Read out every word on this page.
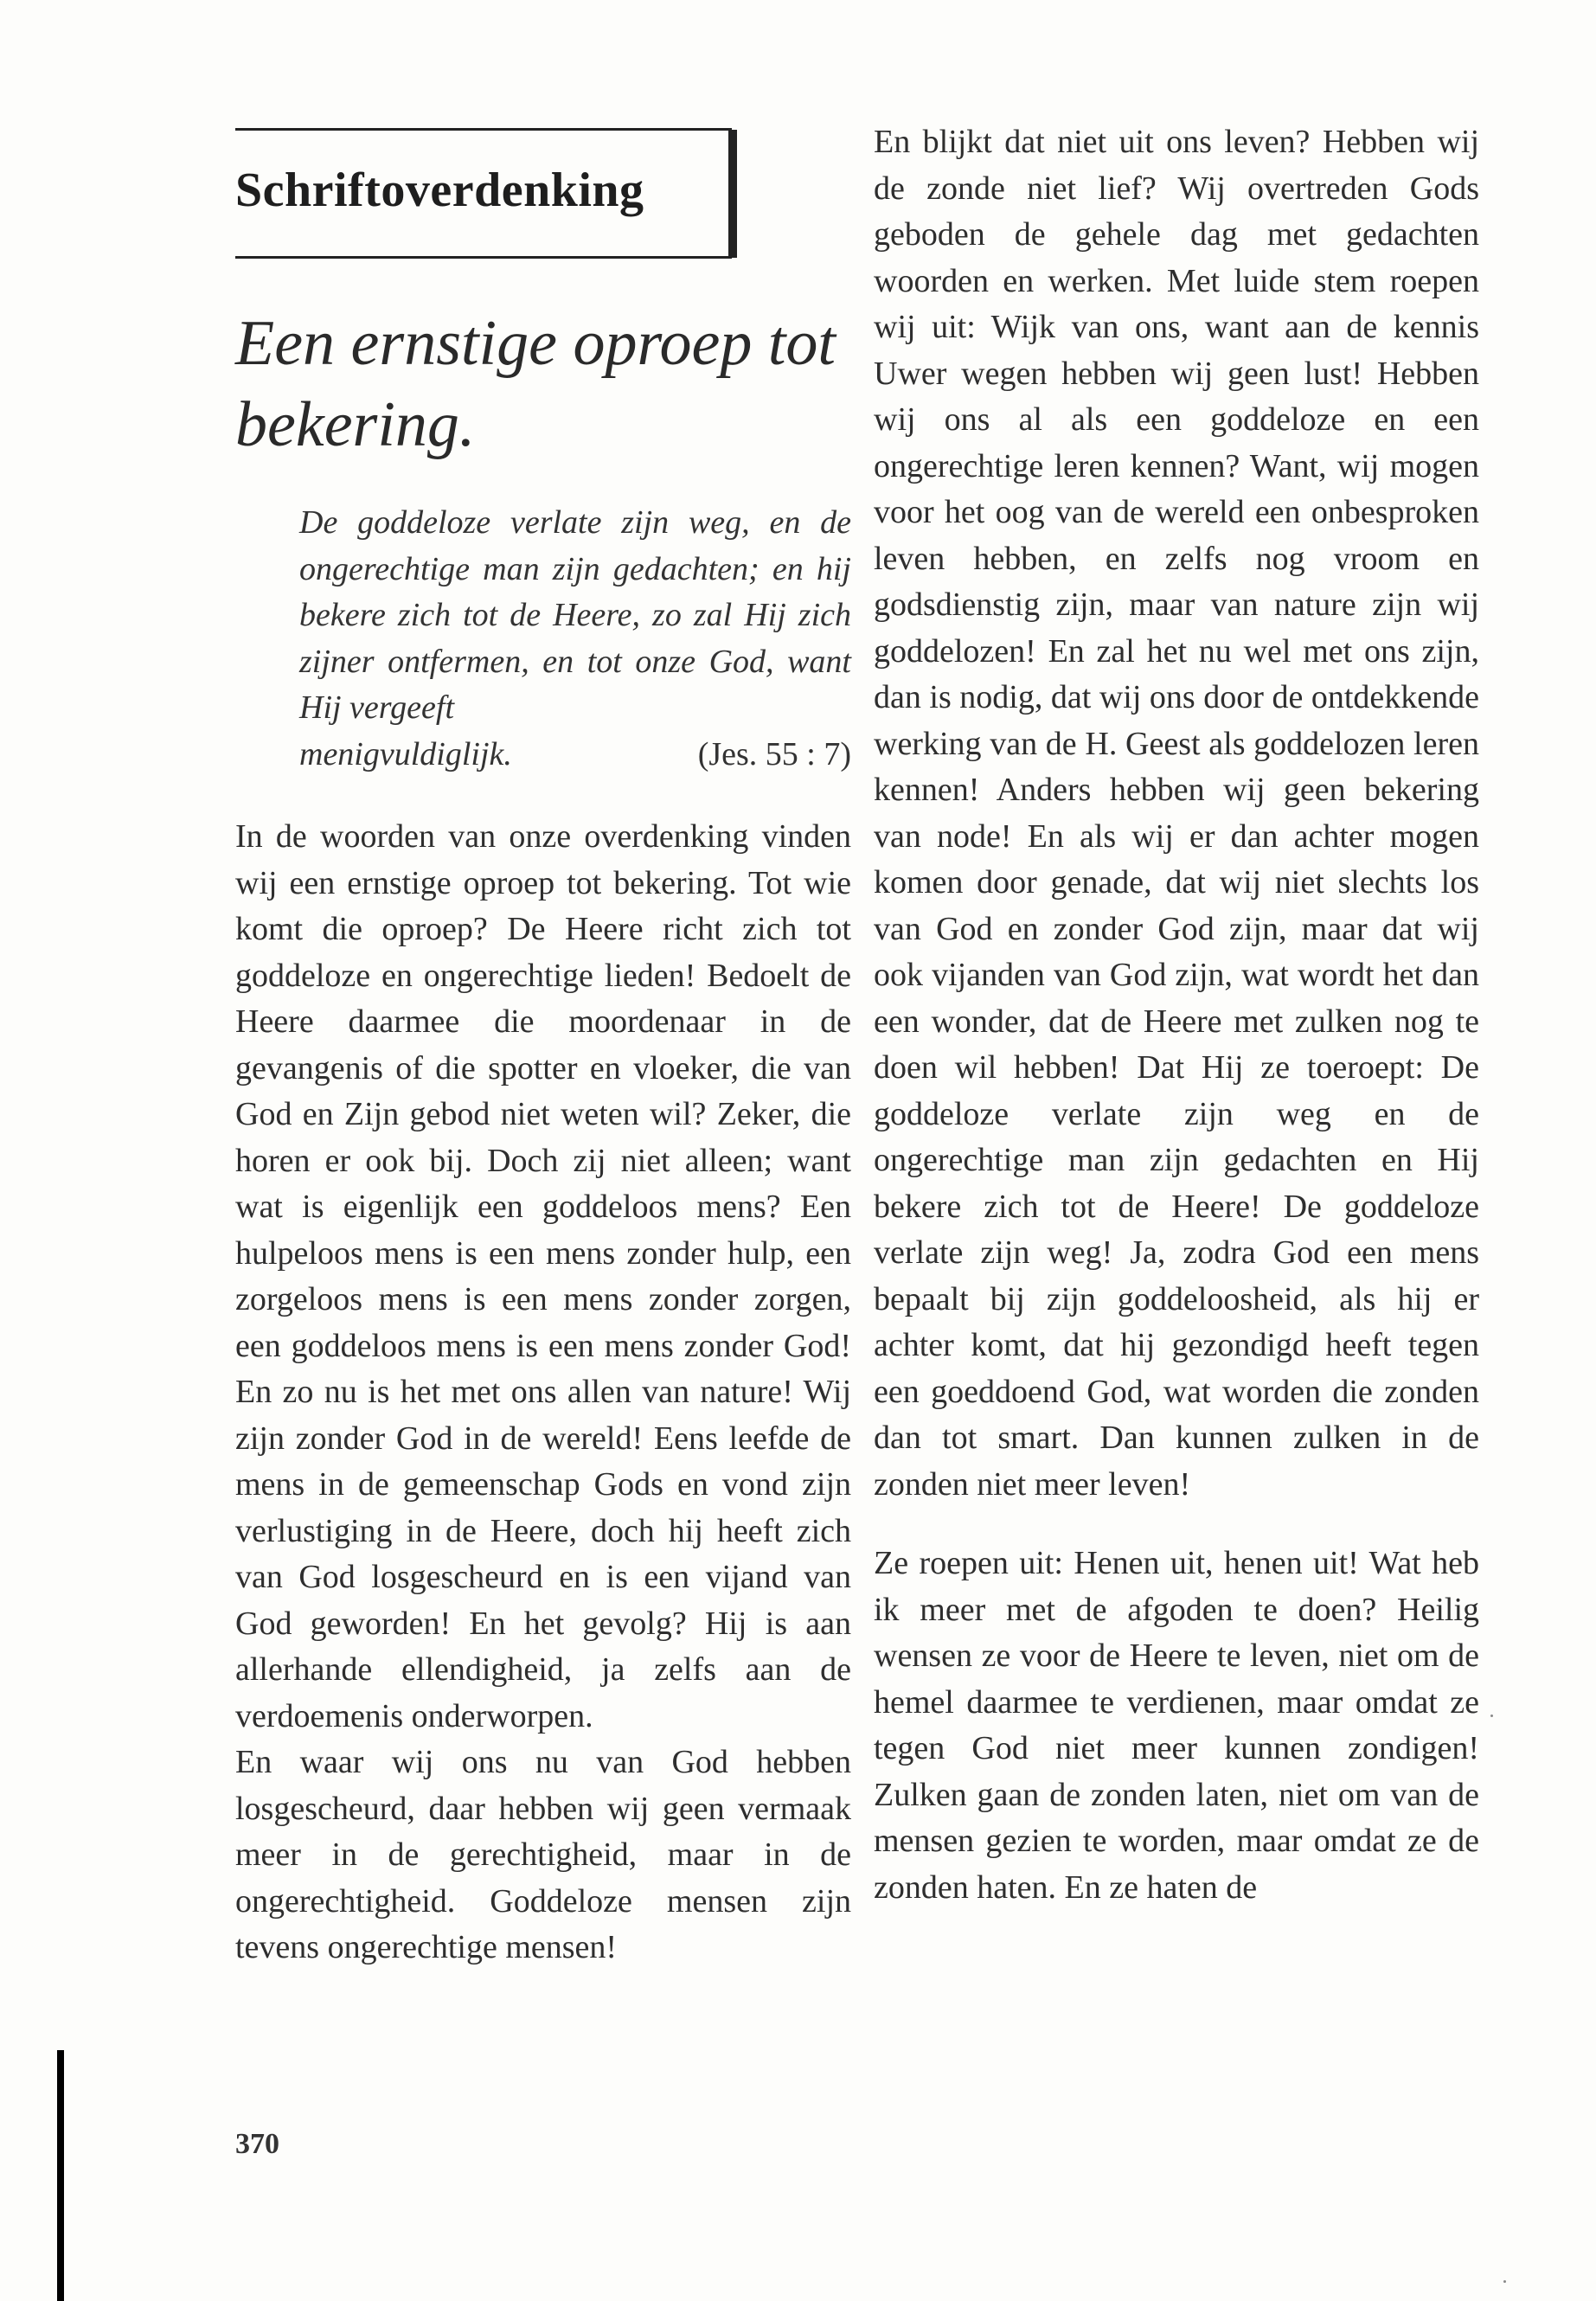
Schriftoverdenking
Een ernstige oproep tot bekering.

De goddeloze verlate zijn weg, en de ongerechtige man zijn gedachten; en hij bekere zich tot de Heere, zo zal Hij zich zijner ontfermen, en tot onze God, want Hij vergeeft

menigvuldiglijk.	(Jes. 55 : 7)

In de woorden van onze overdenking vinden wij een ernstige oproep tot bekering. Tot wie komt die oproep? De Heere richt zich tot goddeloze en ongerechtige lieden! Bedoelt de Heere daarmee die moordenaar in de gevangenis of die spotter en vloeker, die van God en Zijn gebod niet weten wil? Zeker, die horen er ook bij. Doch zij niet alleen; want wat is eigenlijk een goddeloos mens? Een hulpeloos mens is een mens zonder hulp, een zorgeloos mens is een mens zonder zorgen, een goddeloos mens is een mens zonder God! En zo nu is het met ons allen van nature! Wij zijn zonder God in de wereld! Eens leefde de mens in de gemeenschap Gods en vond zijn verlustiging in de Heere, doch hij heeft zich van God losgescheurd en is een vijand van God geworden! En het gevolg? Hij is aan allerhande ellendigheid, ja zelfs aan de verdoemenis onderworpen.

En waar wij ons nu van God hebben losgescheurd, daar hebben wij geen vermaak meer in de gerechtigheid, maar in de ongerechtigheid. Goddeloze mensen zijn tevens ongerechtige mensen!

En blijkt dat niet uit ons leven? Hebben wij de zonde niet lief? Wij overtreden Gods geboden de gehele dag met gedachten woorden en werken. Met luide stem roepen wij uit: Wijk van ons, want aan de kennis Uwer wegen hebben wij geen lust! Hebben wij ons al als een goddeloze en een ongerechtige leren kennen? Want, wij mogen voor het oog van de wereld een onbesproken leven hebben, en zelfs nog vroom en godsdienstig zijn, maar van nature zijn wij goddelozen! En zal het nu wel met ons zijn, dan is nodig, dat wij ons door de ontdekkende werking van de H. Geest als goddelozen leren kennen! Anders hebben wij geen bekering van node! En als wij er dan achter mogen komen door genade, dat wij niet slechts los van God en zonder God zijn, maar dat wij ook vijanden van God zijn, wat wordt het dan een wonder, dat de Heere met zulken nog te doen wil hebben! Dat Hij ze toeroept: De goddeloze verlate zijn weg en de ongerechtige man zijn gedachten en Hij bekere zich tot de Heere! De goddeloze verlate zijn weg! Ja, zodra God een mens bepaalt bij zijn goddeloosheid, als hij er achter komt, dat hij gezondigd heeft tegen een goeddoend God, wat worden die zonden dan tot smart. Dan kunnen zulken in de zonden niet meer leven!

Ze roepen uit: Henen uit, henen uit! Wat heb ik meer met de afgoden te doen? Heilig wensen ze voor de Heere te leven, niet om de hemel daarmee te verdienen, maar omdat ze tegen God niet meer kunnen zondigen! Zulken gaan de zonden laten, niet om van de mensen gezien te worden, maar omdat ze de zonden haten. En ze haten de

370
